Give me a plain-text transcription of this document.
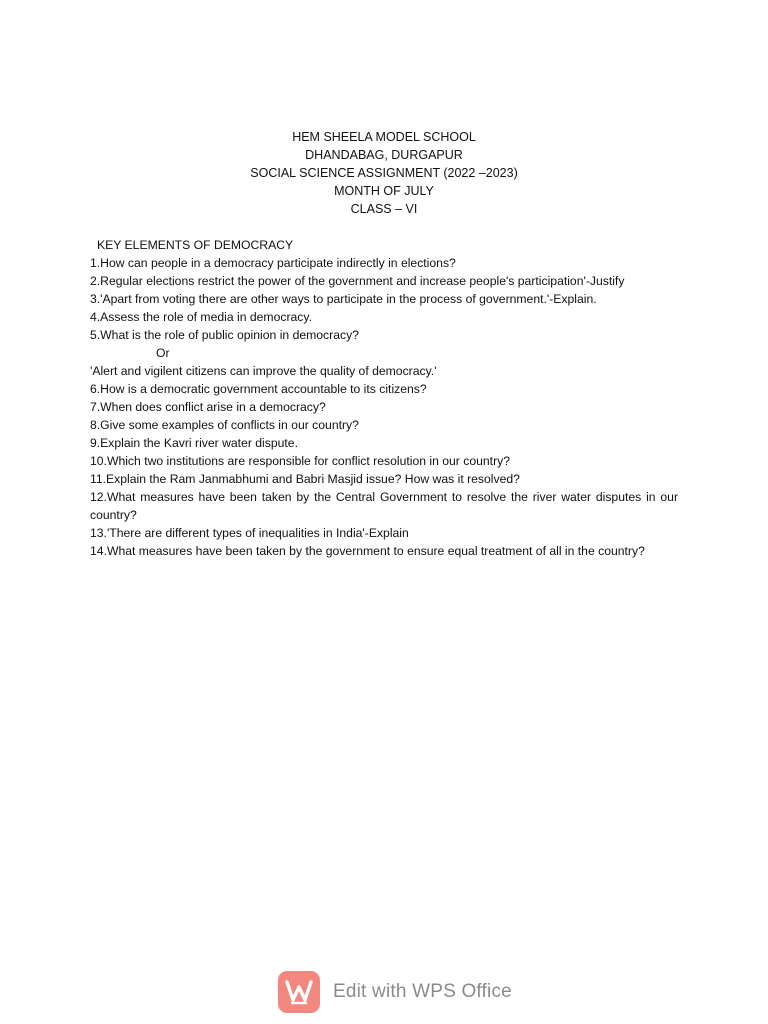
HEM SHEELA MODEL SCHOOL
DHANDABAG, DURGAPUR
SOCIAL SCIENCE ASSIGNMENT (2022 –2023)
MONTH OF JULY
CLASS – VI
KEY ELEMENTS OF DEMOCRACY
1.How can people in a democracy participate indirectly in elections?
2.Regular elections restrict the power of the government and increase people's participation'-Justify
3.'Apart from voting there are other ways to participate in the process of government.'-Explain.
4.Assess the role of media in democracy.
5.What is the role of public opinion in democracy?
Or
'Alert and vigilent citizens can improve the quality of democracy.'
6.How is a democratic government accountable to its citizens?
7.When does conflict arise in a democracy?
8.Give some examples of conflicts in our country?
9.Explain the Kavri river water dispute.
10.Which two institutions are responsible for conflict resolution in our country?
11.Explain the Ram Janmabhumi and Babri Masjid issue? How was it resolved?
12.What measures have been taken by the Central Government to resolve the river water disputes in our country?
13.'There are different types of inequalities in India'-Explain
14.What measures have been taken by the government to ensure equal treatment of all in the country?
Edit with WPS Office
